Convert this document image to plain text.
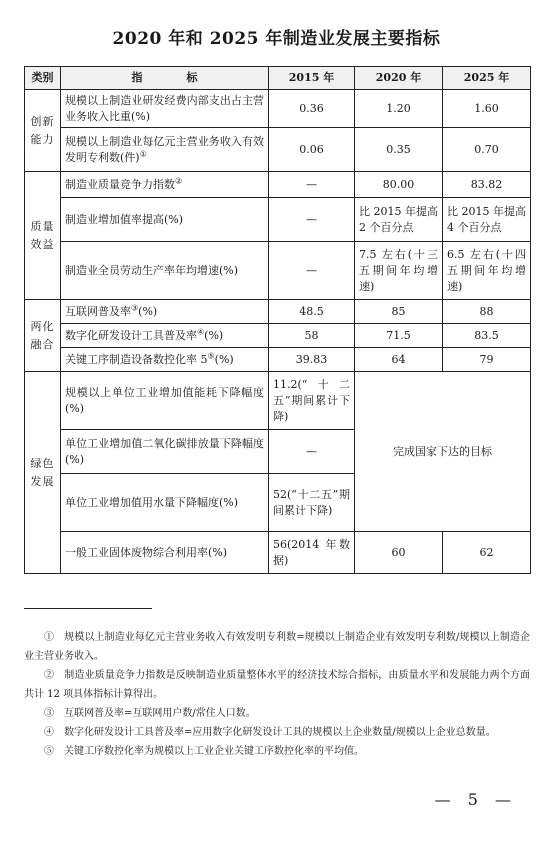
2020 年和 2025 年制造业发展主要指标
类别	指　　　　标	2015 年	2020 年	2025 年
创新能力	规模以上制造业研发经费内部支出占主营业务收入比重(%)	0.36	1.20	1.60
	规模以上制造业每亿元主营业务收入有效发明专利数(件)①	0.06	0.35	0.70
质量效益	制造业质量竞争力指数②	—	80.00	83.82
	制造业增加值率提高(%)	—	比 2015 年提高 2 个百分点	比 2015 年提高 4 个百分点
	制造业全员劳动生产率年均增速(%)	—	7.5 左右(十三五期间年均增速)	6.5 左右(十四五期间年均增速)
两化融合	互联网普及率③(%)	48.5	85	88
	数字化研发设计工具普及率④(%)	58	71.5	83.5
	关键工序制造设备数控化率 5⑤(%)	39.83	64	79
绿色发展	规模以上单位工业增加值能耗下降幅度(%)	11.2(“十二五”期间累计下降)	完成国家下达的目标	
	单位工业增加值二氧化碳排放量下降幅度(%)	—		
	单位工业增加值用水量下降幅度(%)	52(“十二五”期间累计下降)		
	一般工业固体废物综合利用率(%)	56(2014 年数据)	60	62

①　规模以上制造业每亿元主营业务收入有效发明专利数=规模以上制造企业有效发明专利数/规模以上制造企业主营业务收入。

②　制造业质量竞争力指数是反映制造业质量整体水平的经济技术综合指标，由质量水平和发展能力两个方面共计 12 项具体指标计算得出。

③　互联网普及率=互联网用户数/常住人口数。

④　数字化研发设计工具普及率=应用数字化研发设计工具的规模以上企业数量/规模以上企业总数量。

⑤　关键工序数控化率为规模以上工业企业关键工序数控化率的平均值。

— 5 —
